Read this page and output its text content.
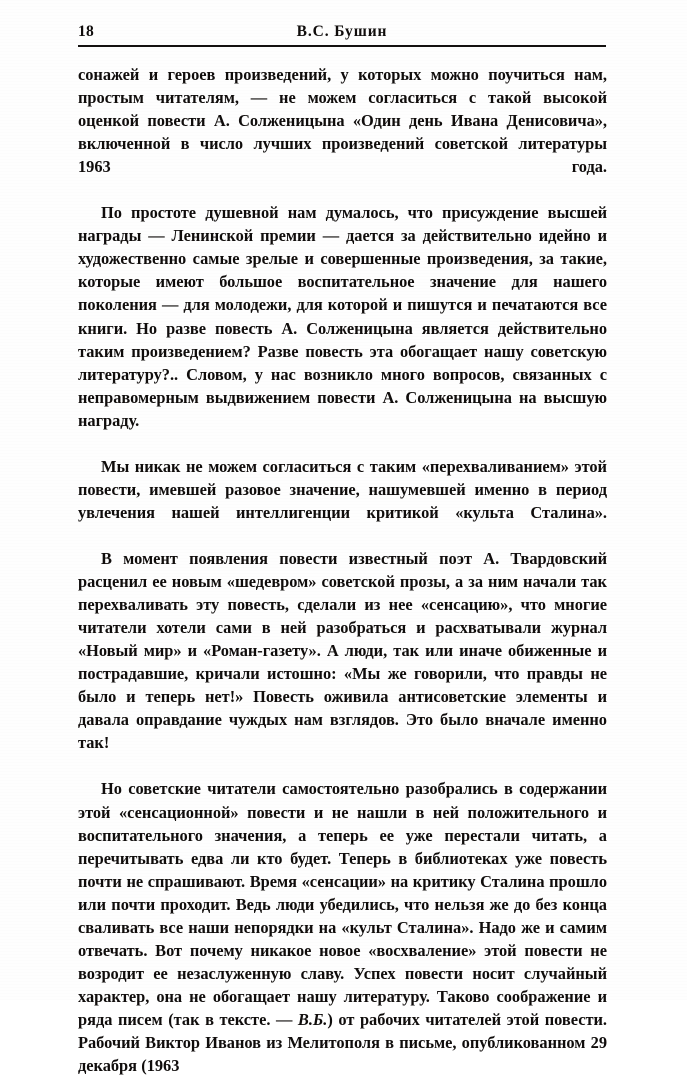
18	В.С. Бушин

сонажей и героев произведений, у которых можно поучиться нам, простым читателям, — не можем согласиться с такой высокой оценкой повести А. Солженицына «Один день Ивана Денисовича», включенной в число лучших произведений советской литературы 1963 года.

По простоте душевной нам думалось, что присуждение высшей награды — Ленинской премии — дается за действительно идейно и художественно самые зрелые и совершенные произведения, за такие, которые имеют большое воспитательное значение для нашего поколения — для молодежи, для которой и пишутся и печатаются все книги. Но разве повесть А. Солженицына является действительно таким произведением? Разве повесть эта обогащает нашу советскую литературу?.. Словом, у нас возникло много вопросов, связанных с неправомерным выдвижением повести А. Солженицына на высшую награду.

Мы никак не можем согласиться с таким «перехваливанием» этой повести, имевшей разовое значение, нашумевшей именно в период увлечения нашей интеллигенции критикой «культа Сталина».

В момент появления повести известный поэт А. Твардовский расценил ее новым «шедевром» советской прозы, а за ним начали так перехваливать эту повесть, сделали из нее «сенсацию», что многие читатели хотели сами в ней разобраться и расхватывали журнал «Новый мир» и «Роман-газету». А люди, так или иначе обиженные и пострадавшие, кричали истошно: «Мы же говорили, что правды не было и теперь нет!» Повесть оживила антисоветские элементы и давала оправдание чуждых нам взглядов. Это было вначале именно так!

Но советские читатели самостоятельно разобрались в содержании этой «сенсационной» повести и не нашли в ней положительного и воспитательного значения, а теперь ее уже перестали читать, а перечитывать едва ли кто будет. Теперь в библиотеках уже повесть почти не спрашивают. Время «сенсации» на критику Сталина прошло или почти проходит. Ведь люди убедились, что нельзя же до без конца сваливать все наши непорядки на «культ Сталина». Надо же и самим отвечать. Вот почему никакое новое «восхваление» этой повести не возродит ее незаслуженную славу. Успех повести носит случайный характер, она не обогащает нашу литературу. Таково соображение и ряда писем (так в тексте. — В.Б.) от рабочих читателей этой повести. Рабочий Виктор Иванов из Мелитополя в письме, опубликованном 29 декабря (1963
